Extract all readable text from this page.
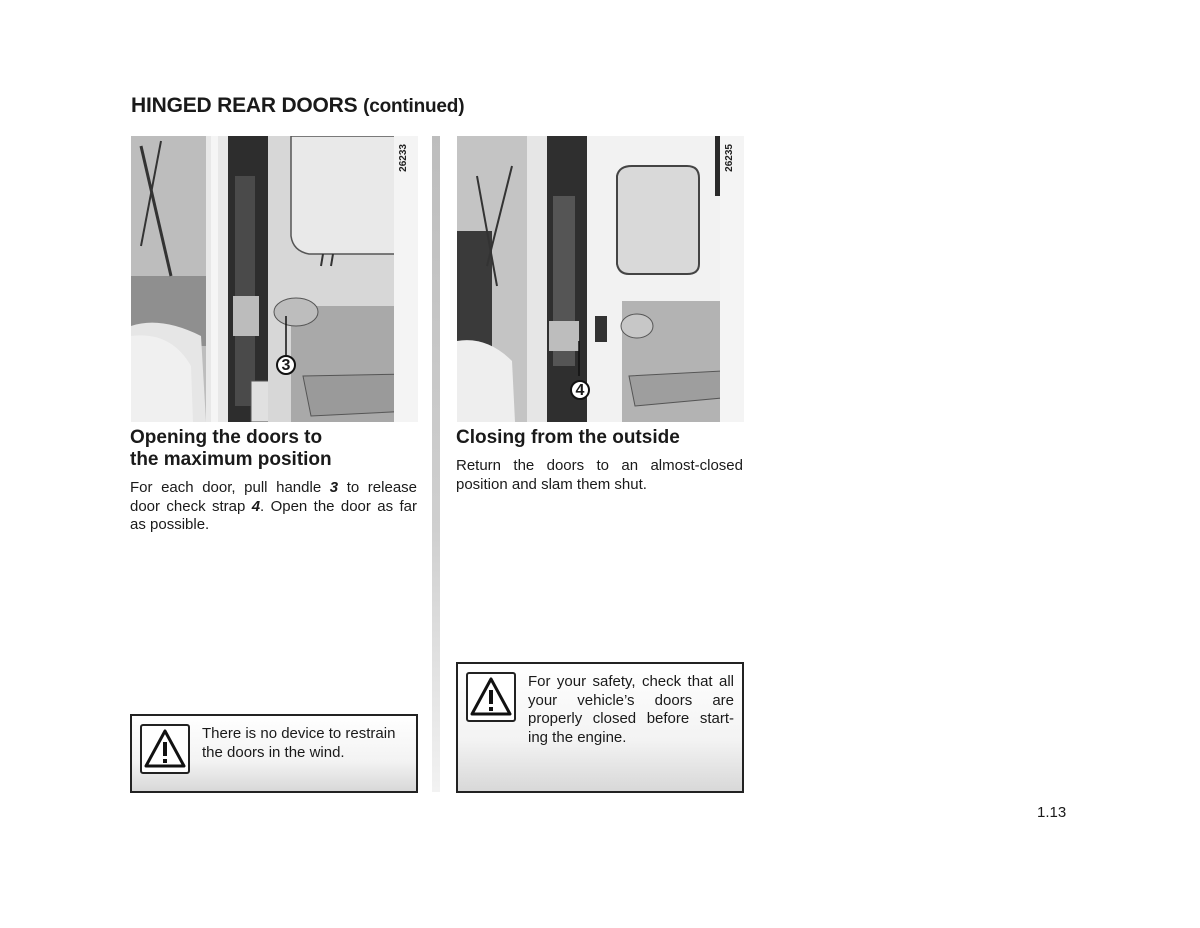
HINGED REAR DOORS (continued)
26233
3
26235
4
Opening the doors to
the maximum position

For each door, pull handle 3 to release door check strap 4. Open the door as far as possible.

Closing from the outside

Return the doors to an almost-closed position and slam them shut.

There is no device to restrain the doors in the wind.

For your safety, check that all your vehicle’s doors are properly closed before start-ing the engine.

1.13
